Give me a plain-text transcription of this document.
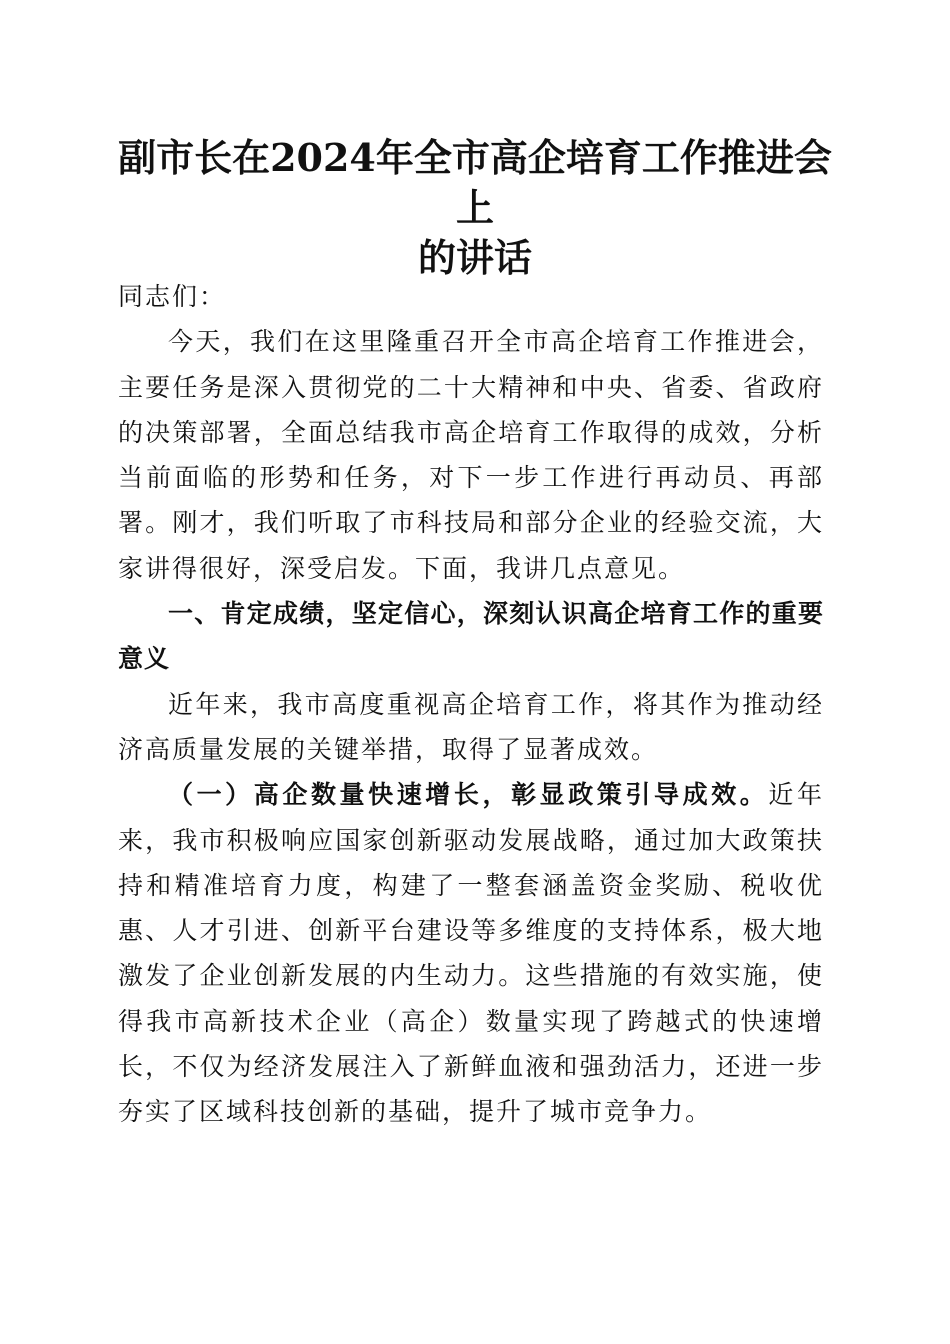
副市长在2024年全市高企培育工作推进会上
的讲话

同志们：

今天，我们在这里隆重召开全市高企培育工作推进会，主要任务是深入贯彻党的二十大精神和中央、省委、省政府的决策部署，全面总结我市高企培育工作取得的成效，分析当前面临的形势和任务，对下一步工作进行再动员、再部署。刚才，我们听取了市科技局和部分企业的经验交流，大家讲得很好，深受启发。下面，我讲几点意见。

一、肯定成绩，坚定信心，深刻认识高企培育工作的重要意义

近年来，我市高度重视高企培育工作，将其作为推动经济高质量发展的关键举措，取得了显著成效。

（一）高企数量快速增长，彰显政策引导成效。近年来，我市积极响应国家创新驱动发展战略，通过加大政策扶持和精准培育力度，构建了一整套涵盖资金奖励、税收优惠、人才引进、创新平台建设等多维度的支持体系，极大地激发了企业创新发展的内生动力。这些措施的有效实施，使得我市高新技术企业（高企）数量实现了跨越式的快速增长，不仅为经济发展注入了新鲜血液和强劲活力，还进一步夯实了区域科技创新的基础，提升了城市竞争力。
